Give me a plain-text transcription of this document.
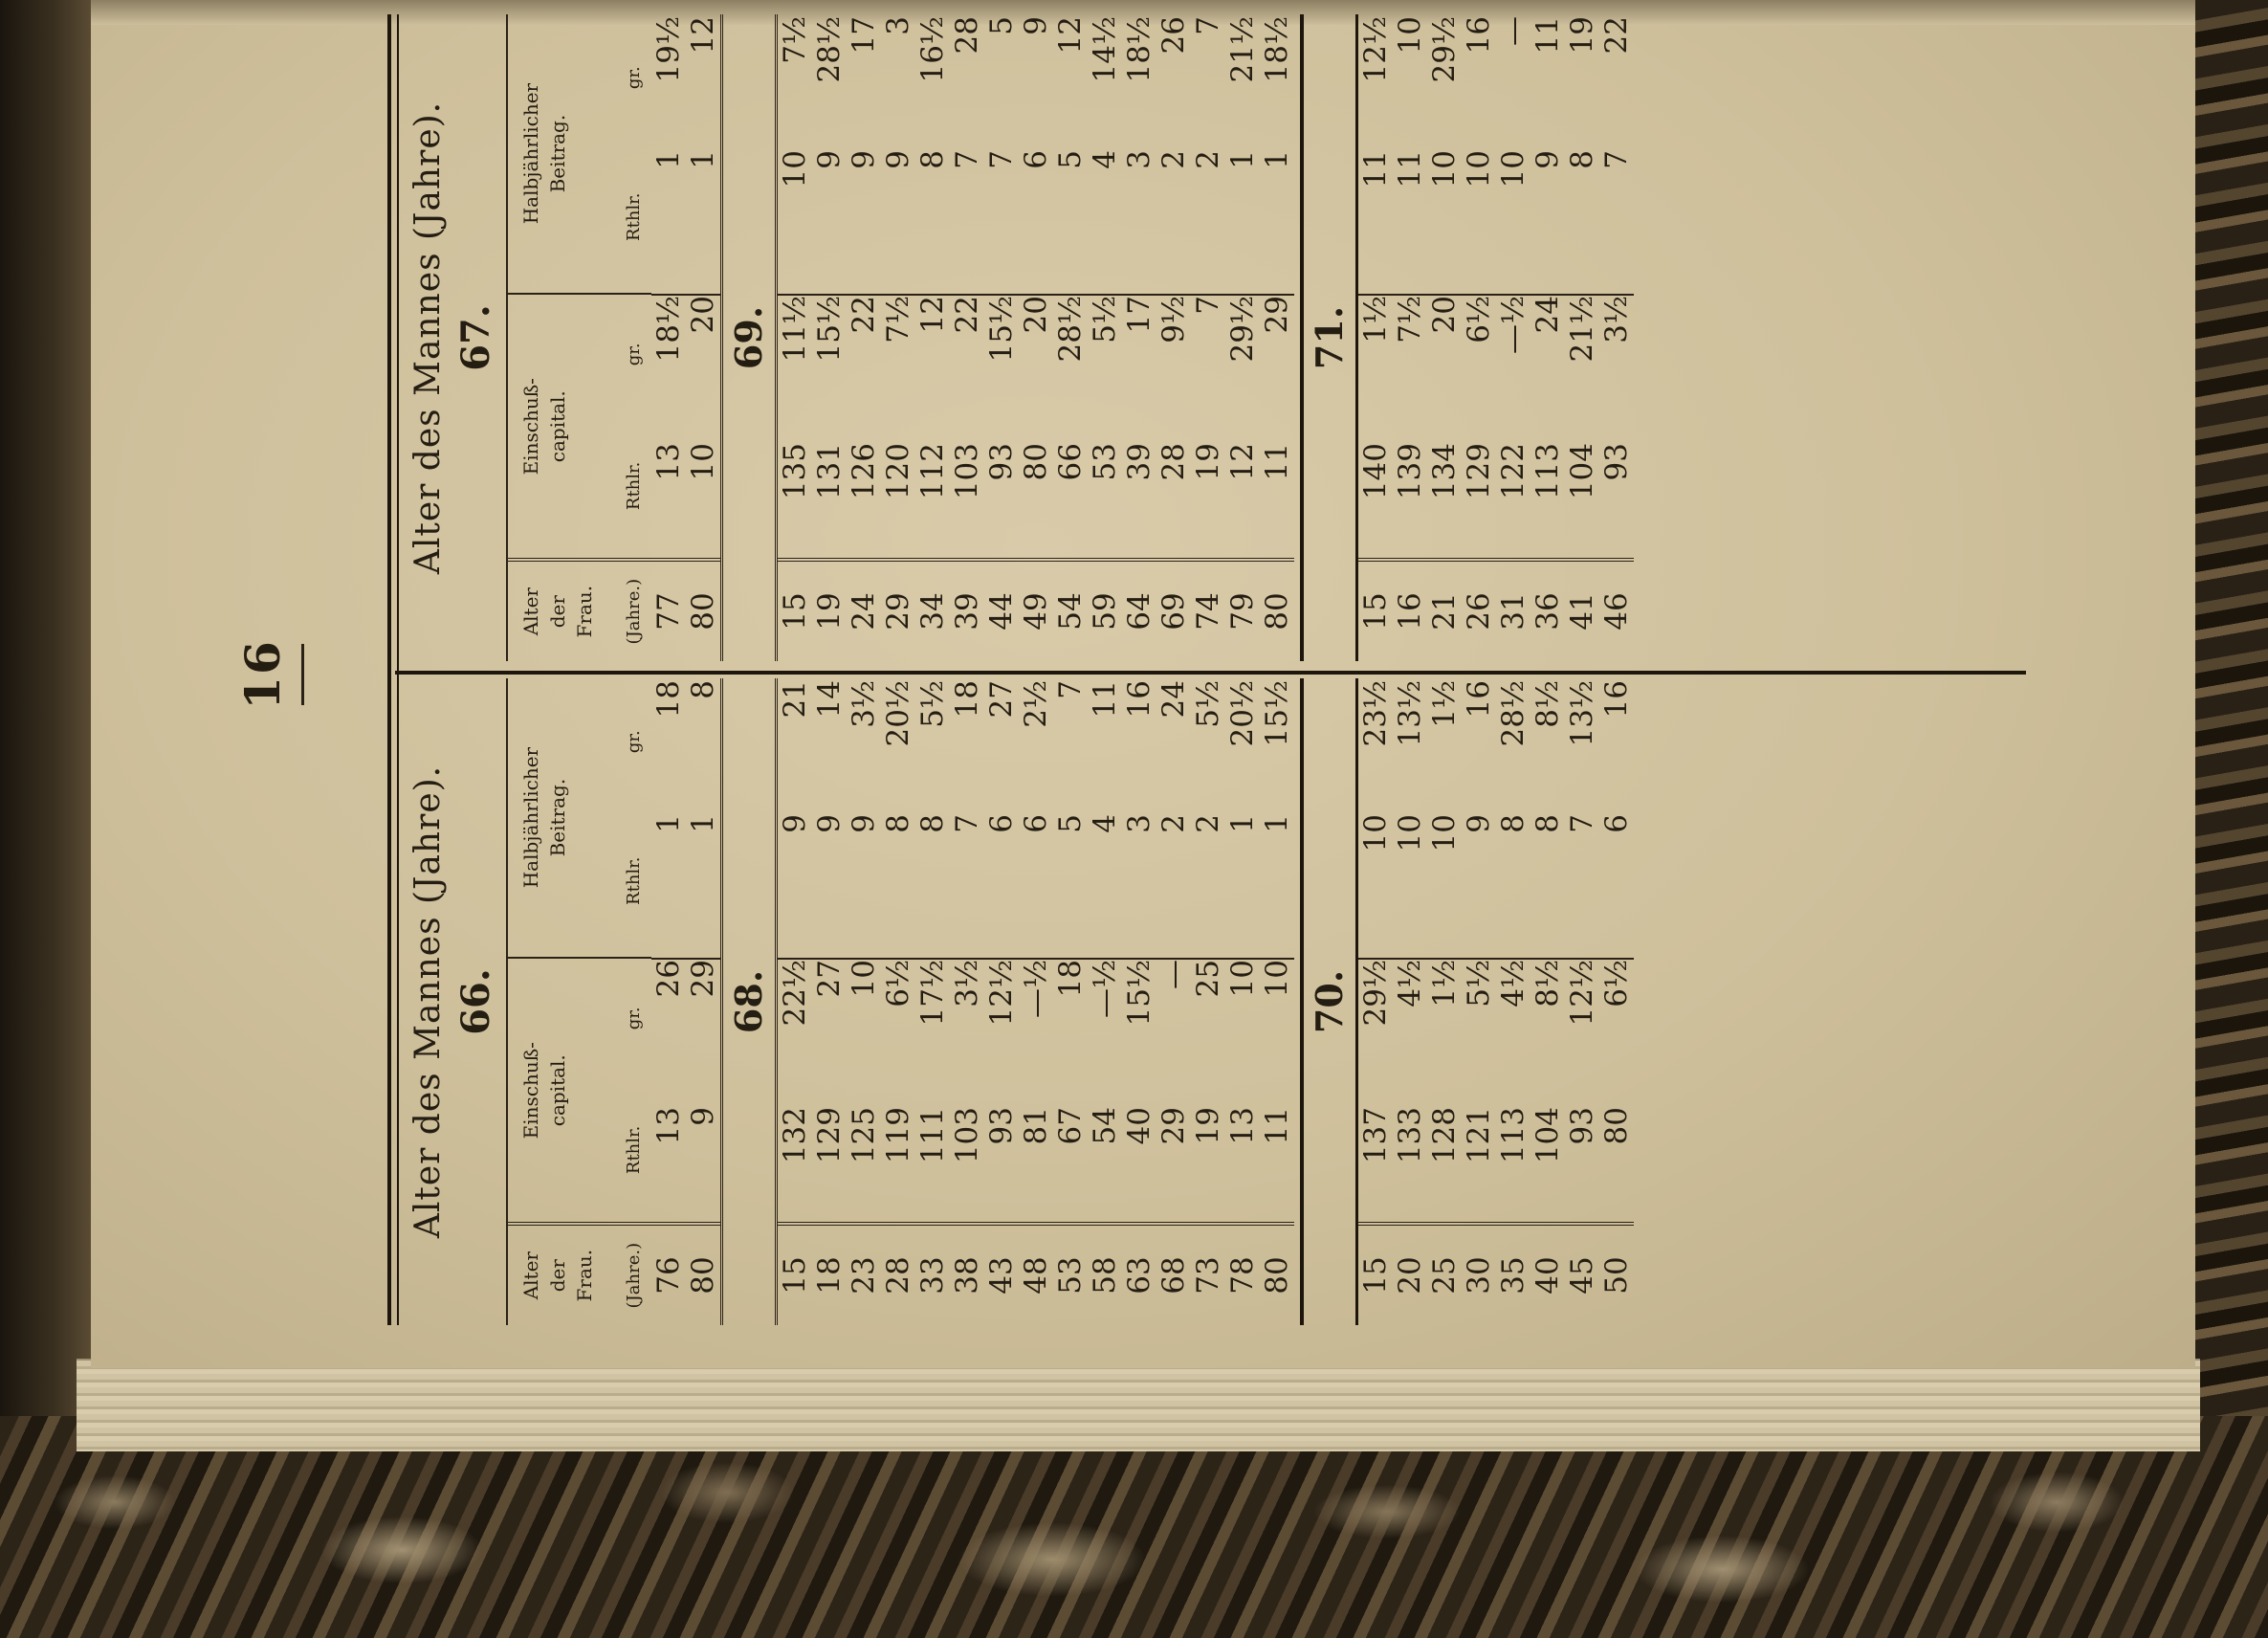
16
Alter des Mannes (Jahre). 66.
Alter der Frau. (Jahre.)
Einschuß- capital.
Rthlr.
gr.
Halbjährlicher Beitrag.
Rthlr.
gr.
76
13
26
1
18
80
9
29
1
8
68.
15
132
22½
9
21
18
129
27
9
14
23
125
10
9
3½
28
119
6½
8
20½
33
111
17½
8
5½
38
103
3½
7
18
43
93
12½
6
27
48
81
—½
6
2½
53
67
18
5
7
58
54
—½
4
11
63
40
15½
3
16
68
29
—
2
24
73
19
25
2
5½
78
13
10
1
20½
80
11
10
1
15½
70.
15
137
29½
10
23½
20
133
4½
10
13½
25
128
1½
10
1½
30
121
5½
9
16
35
113
4½
8
28½
40
104
8½
8
8½
45
93
12½
7
13½
50
80
6½
6
16
Alter des Mannes (Jahre). 67.
Alter der Frau. (Jahre.)
Einschuß- capital.
Rthlr.
gr.
Halbjährlicher Beitrag.
Rthlr.
gr.
77
13
18½
1
19½
80
10
20
1
12
69.
15
135
11½
10
7½
19
131
15½
9
28½
24
126
22
9
17
29
120
7½
9
3
34
112
12
8
16½
39
103
22
7
28
44
93
15½
7
5
49
80
20
6
9
54
66
28½
5
12
59
53
5½
4
14½
64
39
17
3
18½
69
28
9½
2
26
74
19
7
2
7
79
12
29½
1
21½
80
11
29
1
18½
71.
15
140
1½
11
12½
16
139
7½
11
10
21
134
20
10
29½
26
129
6½
10
16
31
122
—½
10
—
36
113
24
9
11
41
104
21½
8
19
46
93
3½
7
22
